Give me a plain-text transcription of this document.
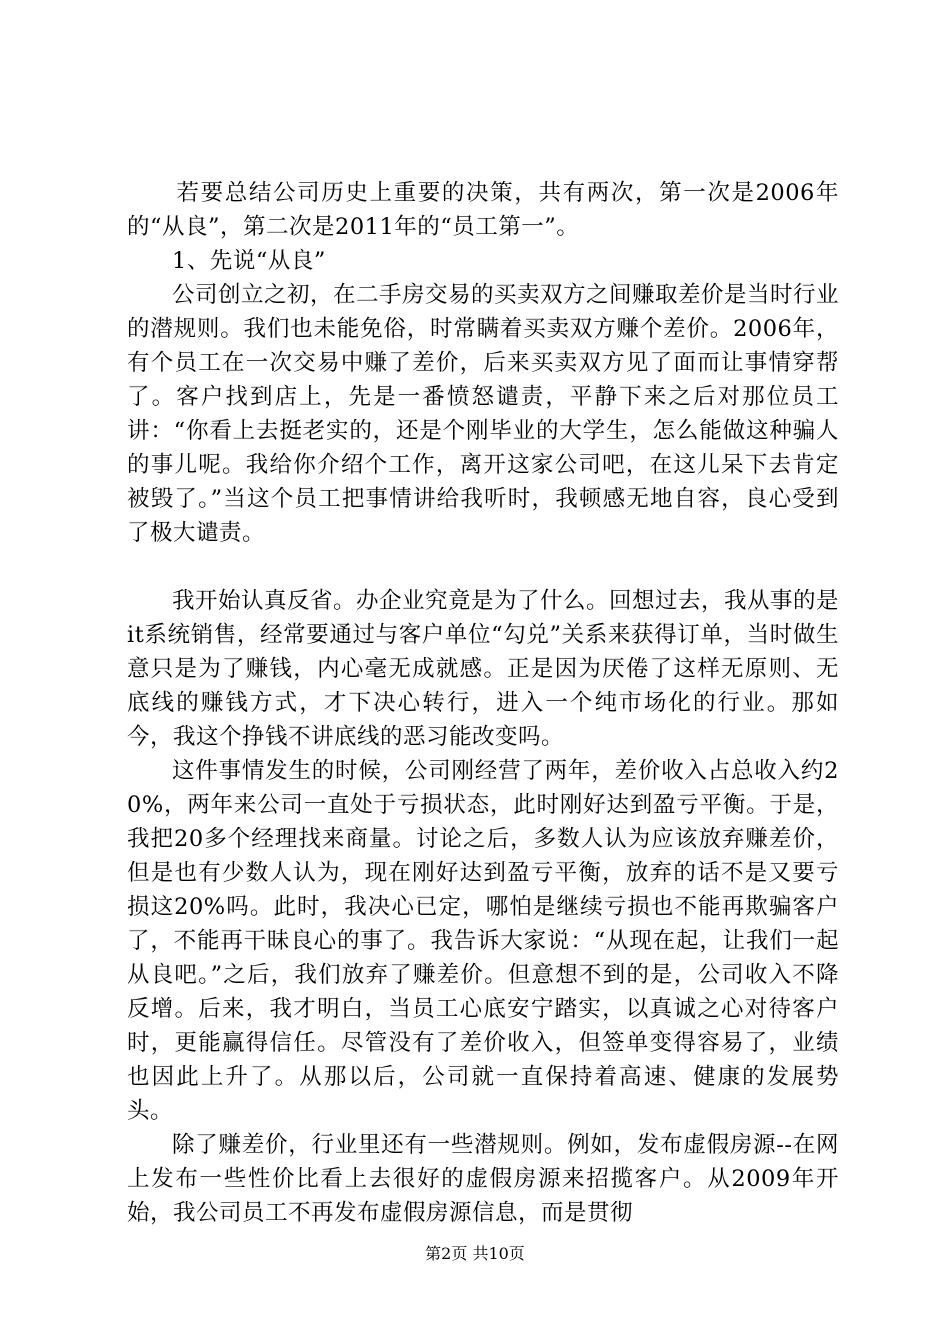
若要总结公司历史上重要的决策，共有两次，第一次是2006年的“从良”，第二次是2011年的“员工第一”。

1、先说“从良”

公司创立之初，在二手房交易的买卖双方之间赚取差价是当时行业的潜规则。我们也未能免俗，时常瞒着买卖双方赚个差价。2006年，有个员工在一次交易中赚了差价，后来买卖双方见了面而让事情穿帮了。客户找到店上，先是一番愤怒谴责，平静下来之后对那位员工讲：“你看上去挺老实的，还是个刚毕业的大学生，怎么能做这种骗人的事儿呢。我给你介绍个工作，离开这家公司吧，在这儿呆下去肯定被毁了。”当这个员工把事情讲给我听时，我顿感无地自容，良心受到了极大谴责。

我开始认真反省。办企业究竟是为了什么。回想过去，我从事的是it系统销售，经常要通过与客户单位“勾兑”关系来获得订单，当时做生意只是为了赚钱，内心毫无成就感。正是因为厌倦了这样无原则、无底线的赚钱方式，才下决心转行，进入一个纯市场化的行业。那如今，我这个挣钱不讲底线的恶习能改变吗。

这件事情发生的时候，公司刚经营了两年，差价收入占总收入约20%，两年来公司一直处于亏损状态，此时刚好达到盈亏平衡。于是，我把20多个经理找来商量。讨论之后，多数人认为应该放弃赚差价，但是也有少数人认为，现在刚好达到盈亏平衡，放弃的话不是又要亏损这20%吗。此时，我决心已定，哪怕是继续亏损也不能再欺骗客户了，不能再干昧良心的事了。我告诉大家说：“从现在起，让我们一起从良吧。”之后，我们放弃了赚差价。但意想不到的是，公司收入不降反增。后来，我才明白，当员工心底安宁踏实，以真诚之心对待客户时，更能赢得信任。尽管没有了差价收入，但签单变得容易了，业绩也因此上升了。从那以后，公司就一直保持着高速、健康的发展势头。

除了赚差价，行业里还有一些潜规则。例如，发布虚假房源--在网上发布一些性价比看上去很好的虚假房源来招揽客户。从2009年开始，我公司员工不再发布虚假房源信息，而是贯彻

第2页 共10页
